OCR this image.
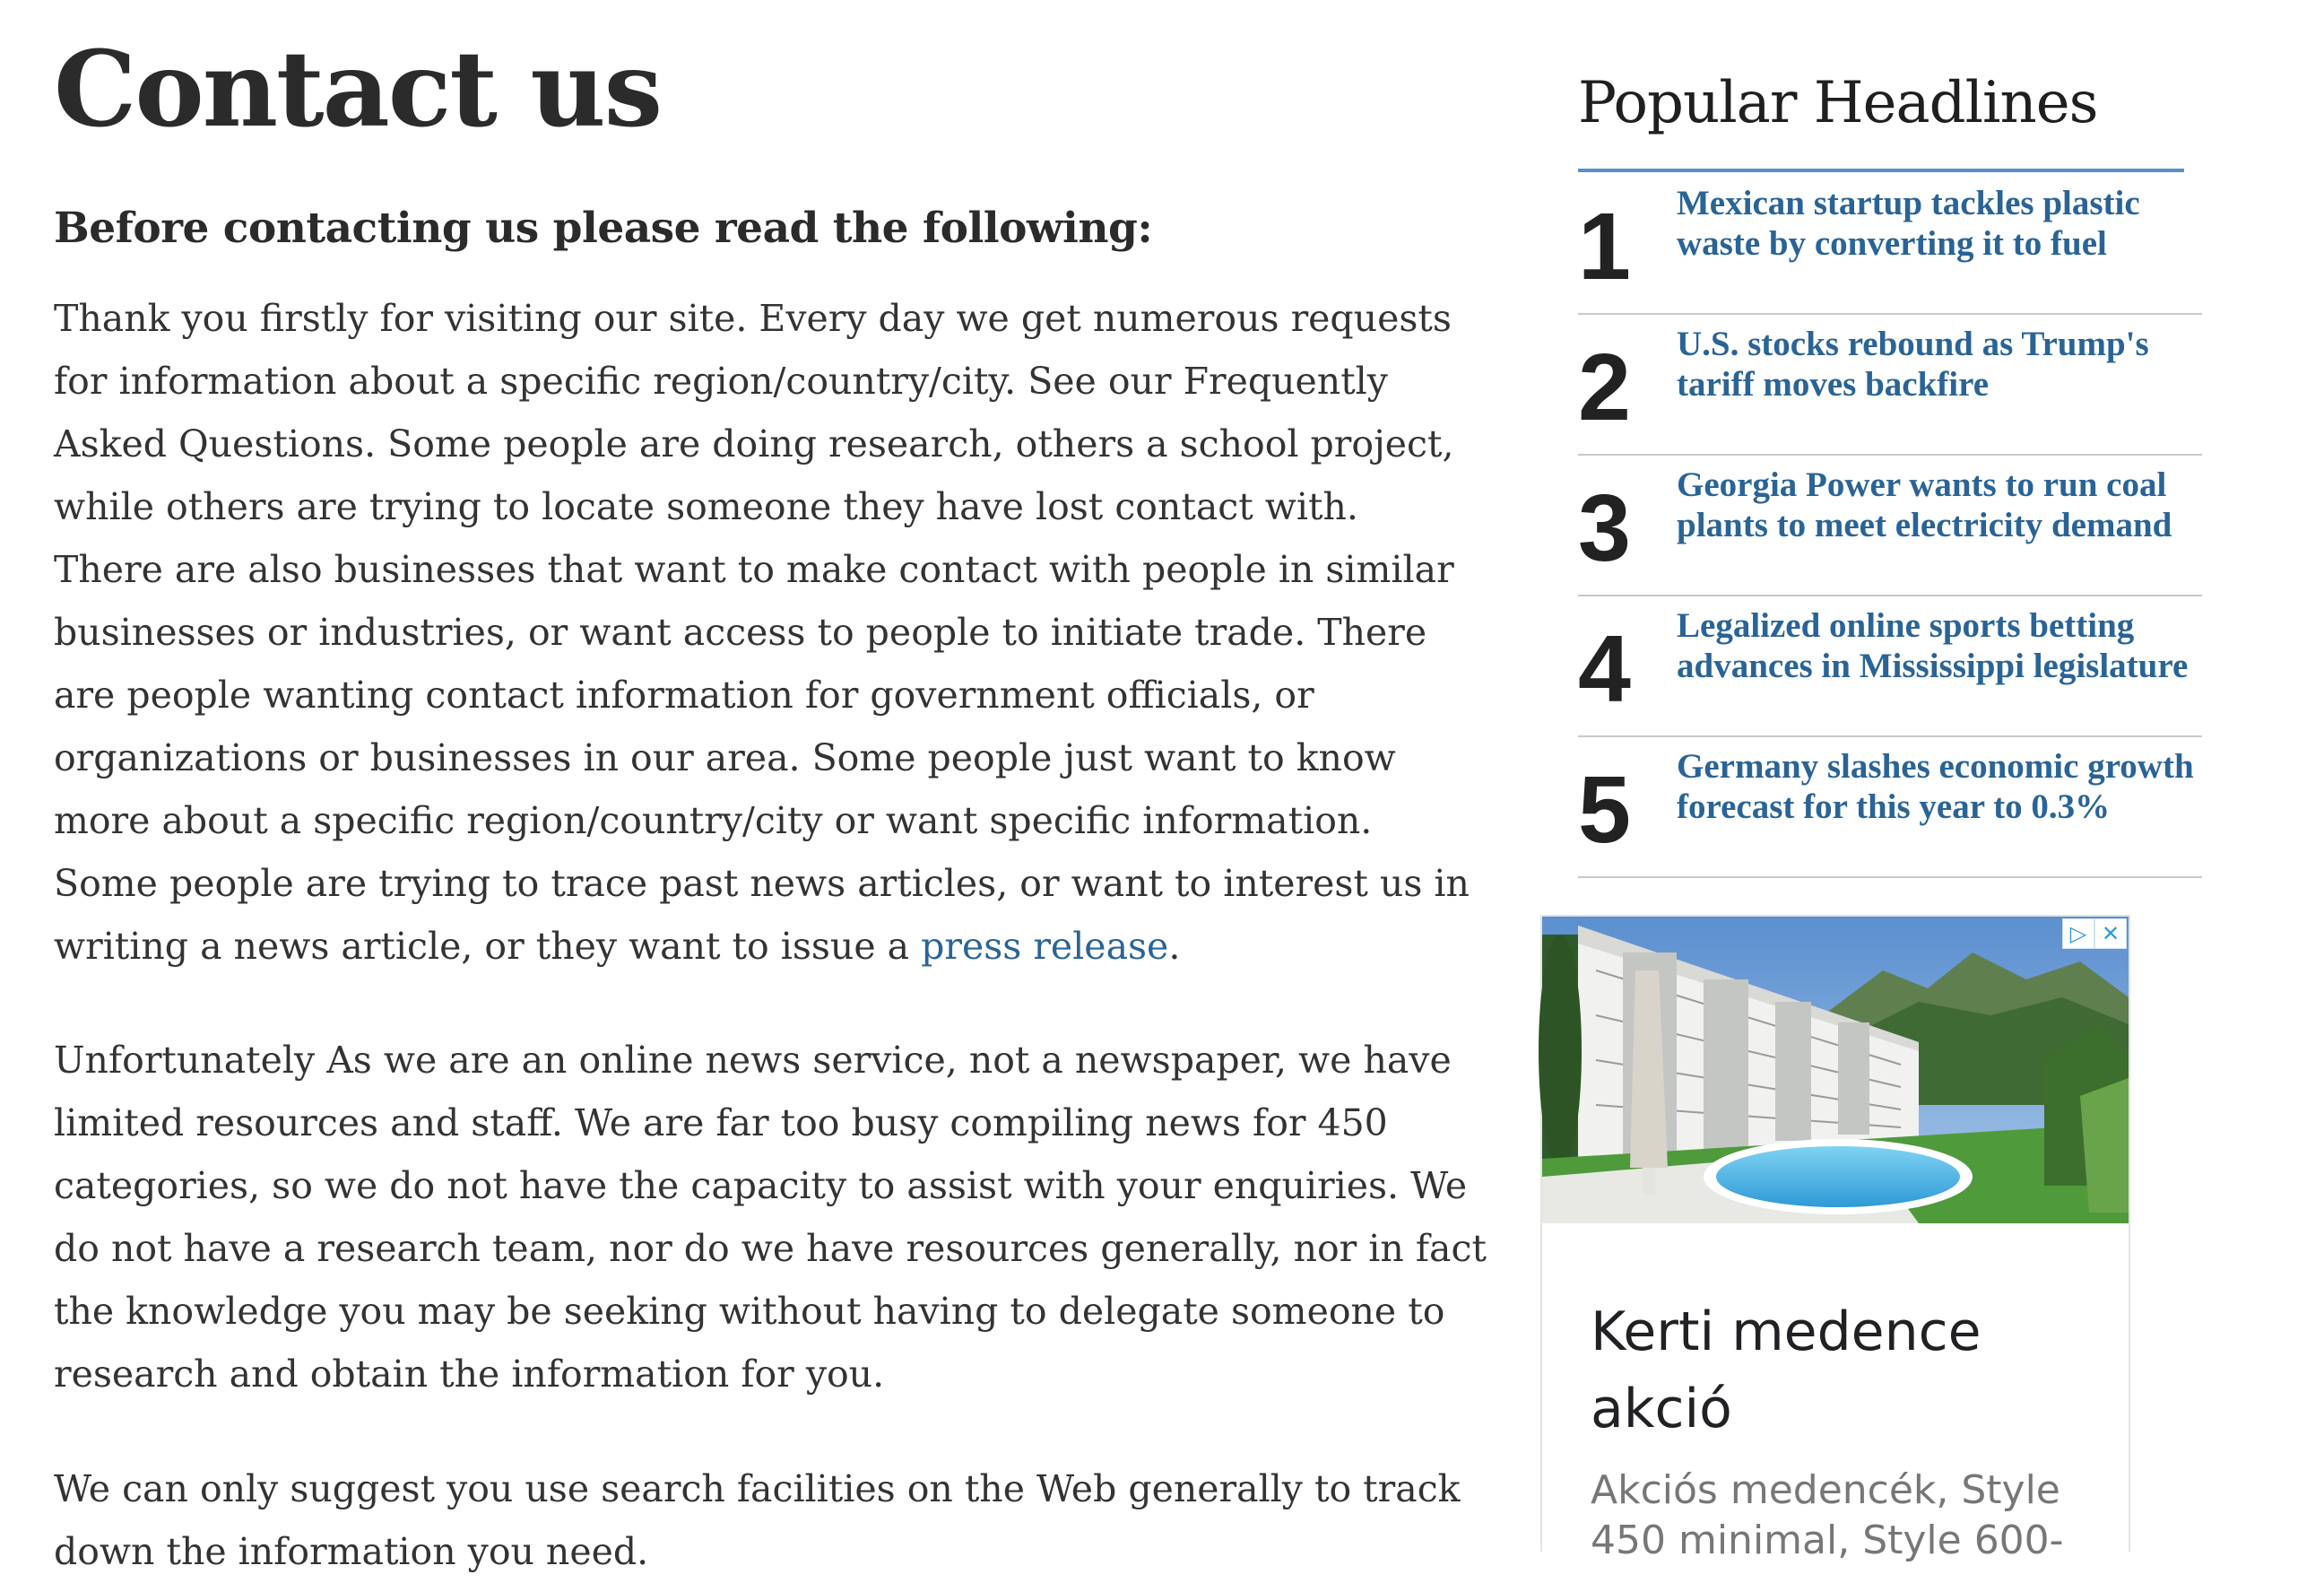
Contact us
Before contacting us please read the following:

Thank you firstly for visiting our site. Every day we get numerous requests
for information about a specific region/country/city. See our Frequently
Asked Questions. Some people are doing research, others a school project,
while others are trying to locate someone they have lost contact with.
There are also businesses that want to make contact with people in similar
businesses or industries, or want access to people to initiate trade. There
are people wanting contact information for government officials, or
organizations or businesses in our area. Some people just want to know
more about a specific region/country/city or want specific information.
Some people are trying to trace past news articles, or want to interest us in
writing a news article, or they want to issue a press release.

Unfortunately As we are an online news service, not a newspaper, we have
limited resources and staff. We are far too busy compiling news for 450
categories, so we do not have the capacity to assist with your enquiries. We
do not have a research team, nor do we have resources generally, nor in fact
the knowledge you may be seeking without having to delegate someone to
research and obtain the information for you.

We can only suggest you use search facilities on the Web generally to track
down the information you need.

Popular Headlines
1 Mexican startup tackles plastic
waste by converting it to fuel
2 U.S. stocks rebound as Trump's
tariff moves backfire
3 Georgia Power wants to run coal
plants to meet electricity demand
4 Legalized online sports betting
advances in Mississippi legislature
5 Germany slashes economic growth
forecast for this year to 0.3%
▷ ✕
Kerti medence akció

Akciós medencék, Style
450 minimal, Style 600-
